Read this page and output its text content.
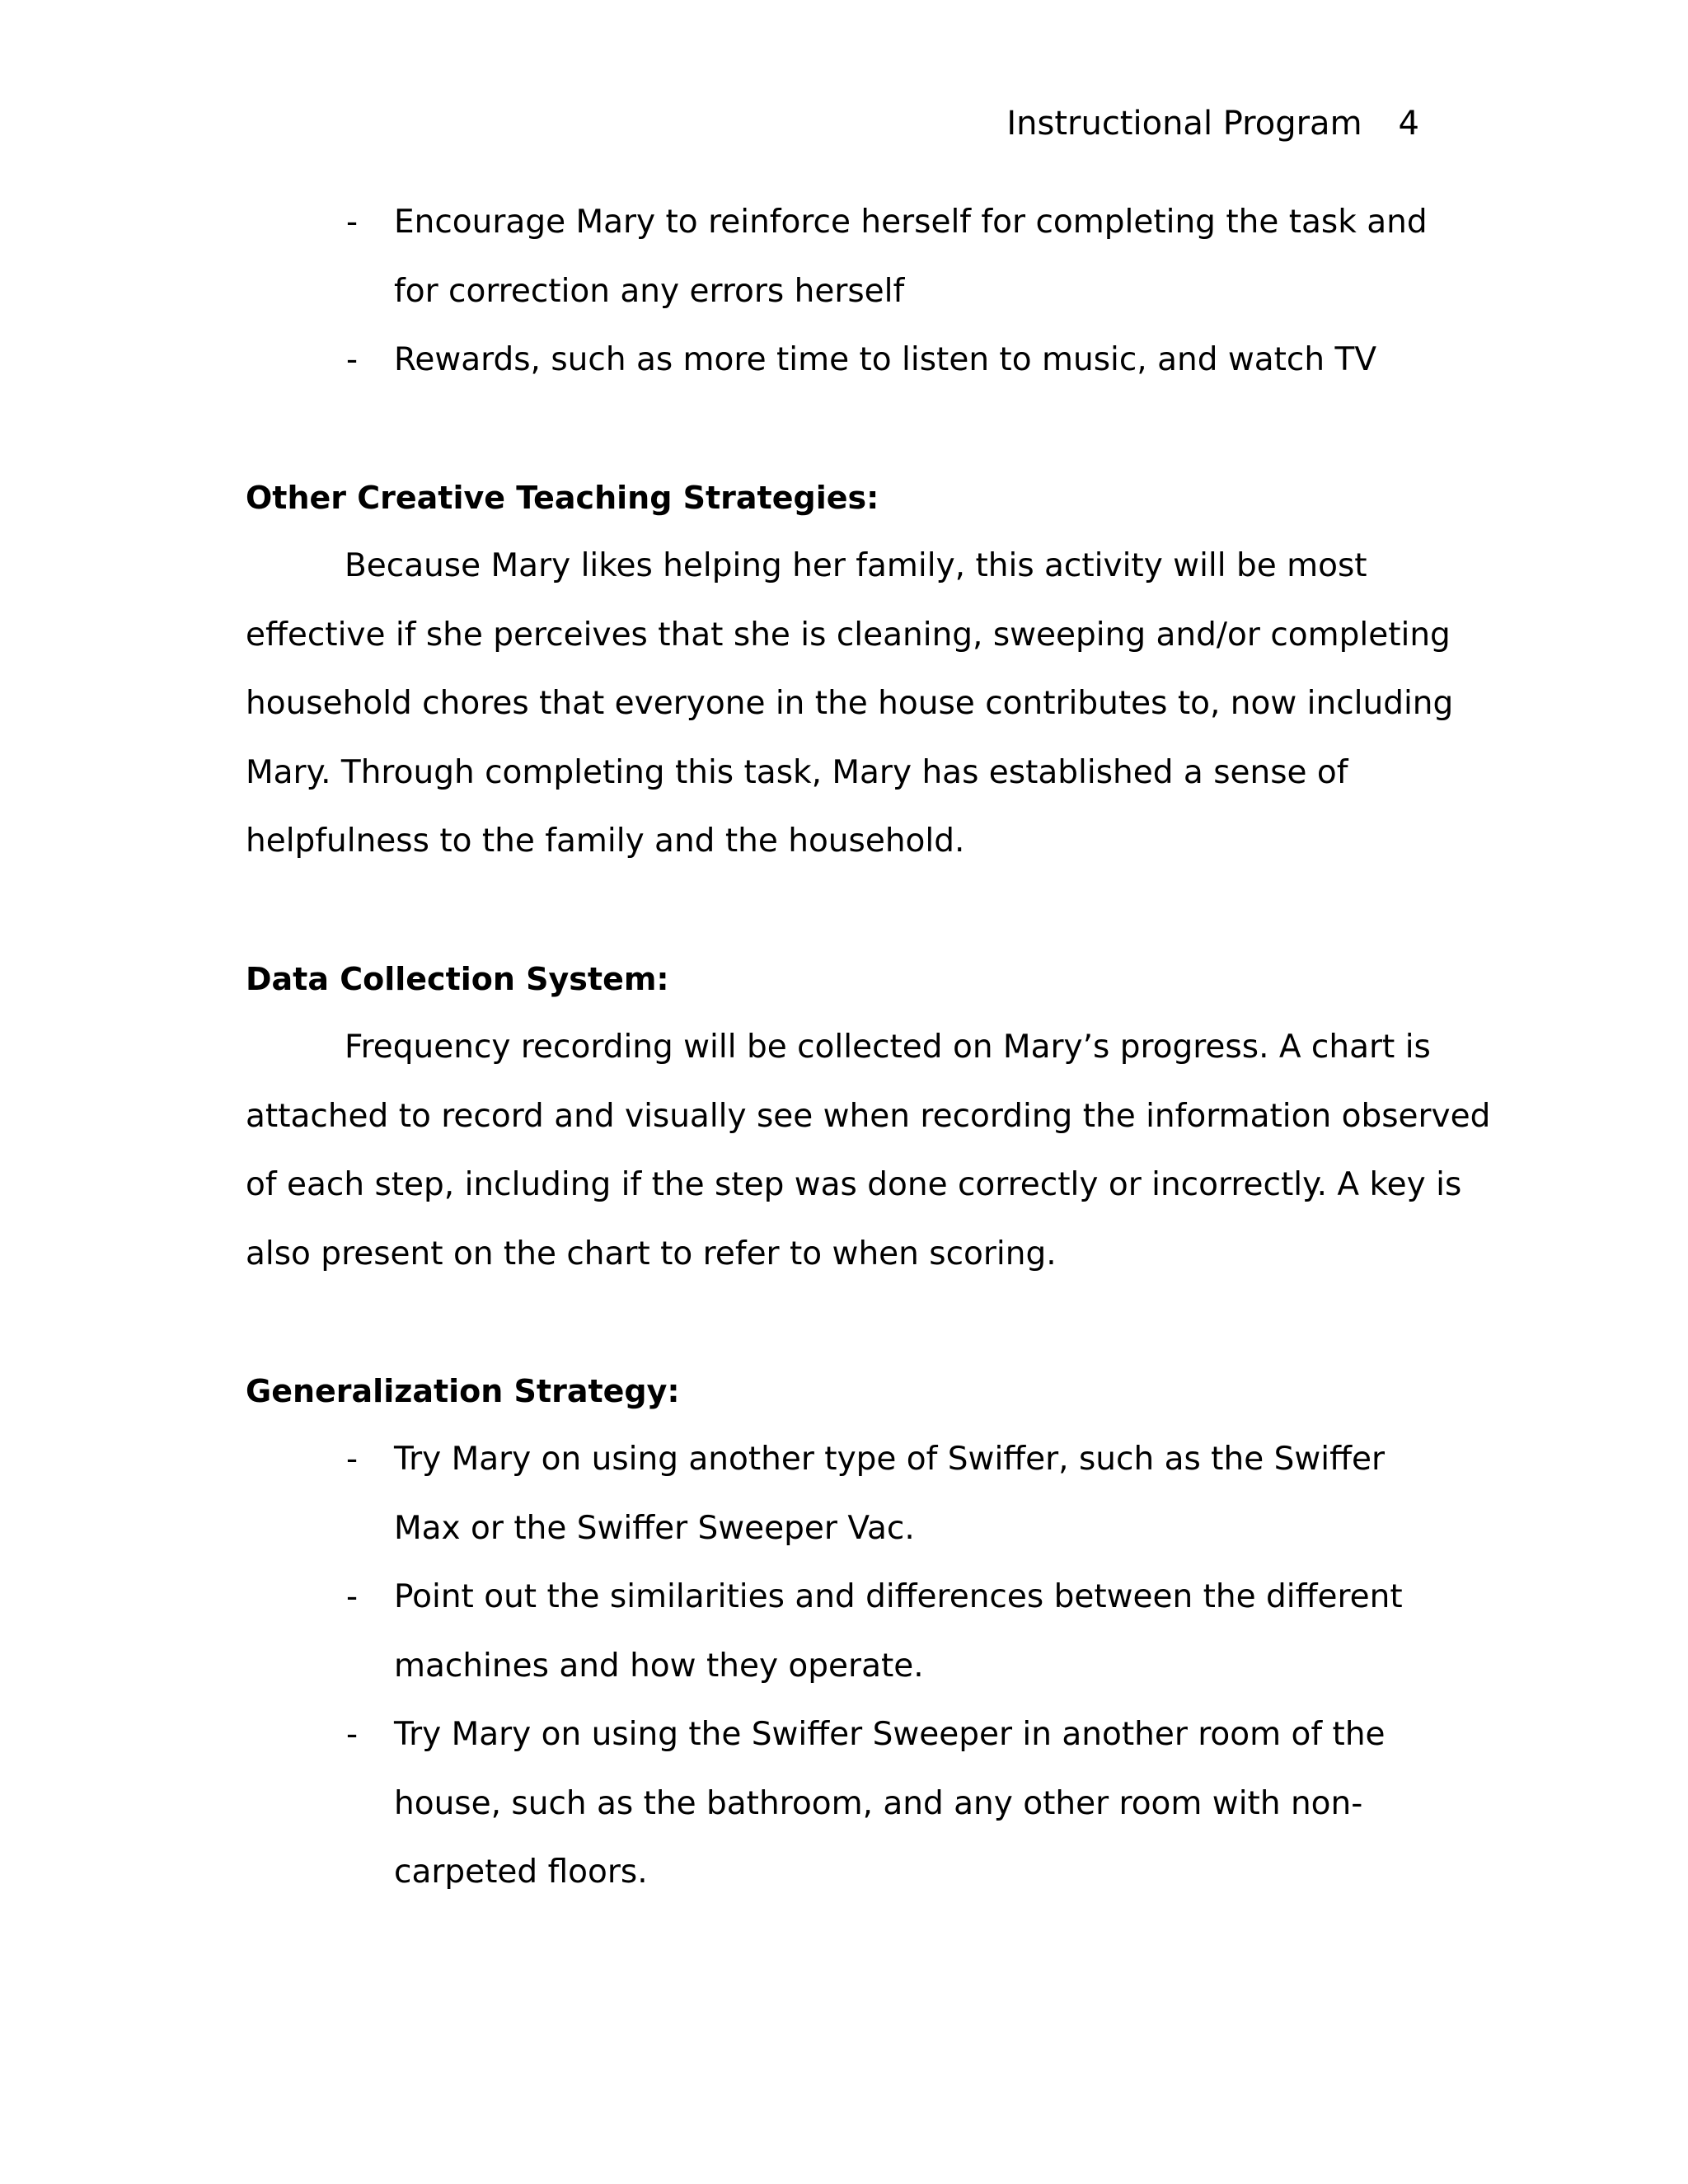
Instructional Program 4
- Encourage Mary to reinforce herself for completing the task and
for correction any errors herself
- Rewards, such as more time to listen to music, and watch TV
Other Creative Teaching Strategies:
Because Mary likes helping her family, this activity will be most
effective if she perceives that she is cleaning, sweeping and/or completing
household chores that everyone in the house contributes to, now including
Mary. Through completing this task, Mary has established a sense of
helpfulness to the family and the household.
Data Collection System:
Frequency recording will be collected on Mary’s progress. A chart is
attached to record and visually see when recording the information observed
of each step, including if the step was done correctly or incorrectly. A key is
also present on the chart to refer to when scoring.
Generalization Strategy:
- Try Mary on using another type of Swiffer, such as the Swiffer
Max or the Swiffer Sweeper Vac.
- Point out the similarities and differences between the different
machines and how they operate.
- Try Mary on using the Swiffer Sweeper in another room of the
house, such as the bathroom, and any other room with non-
carpeted floors.
